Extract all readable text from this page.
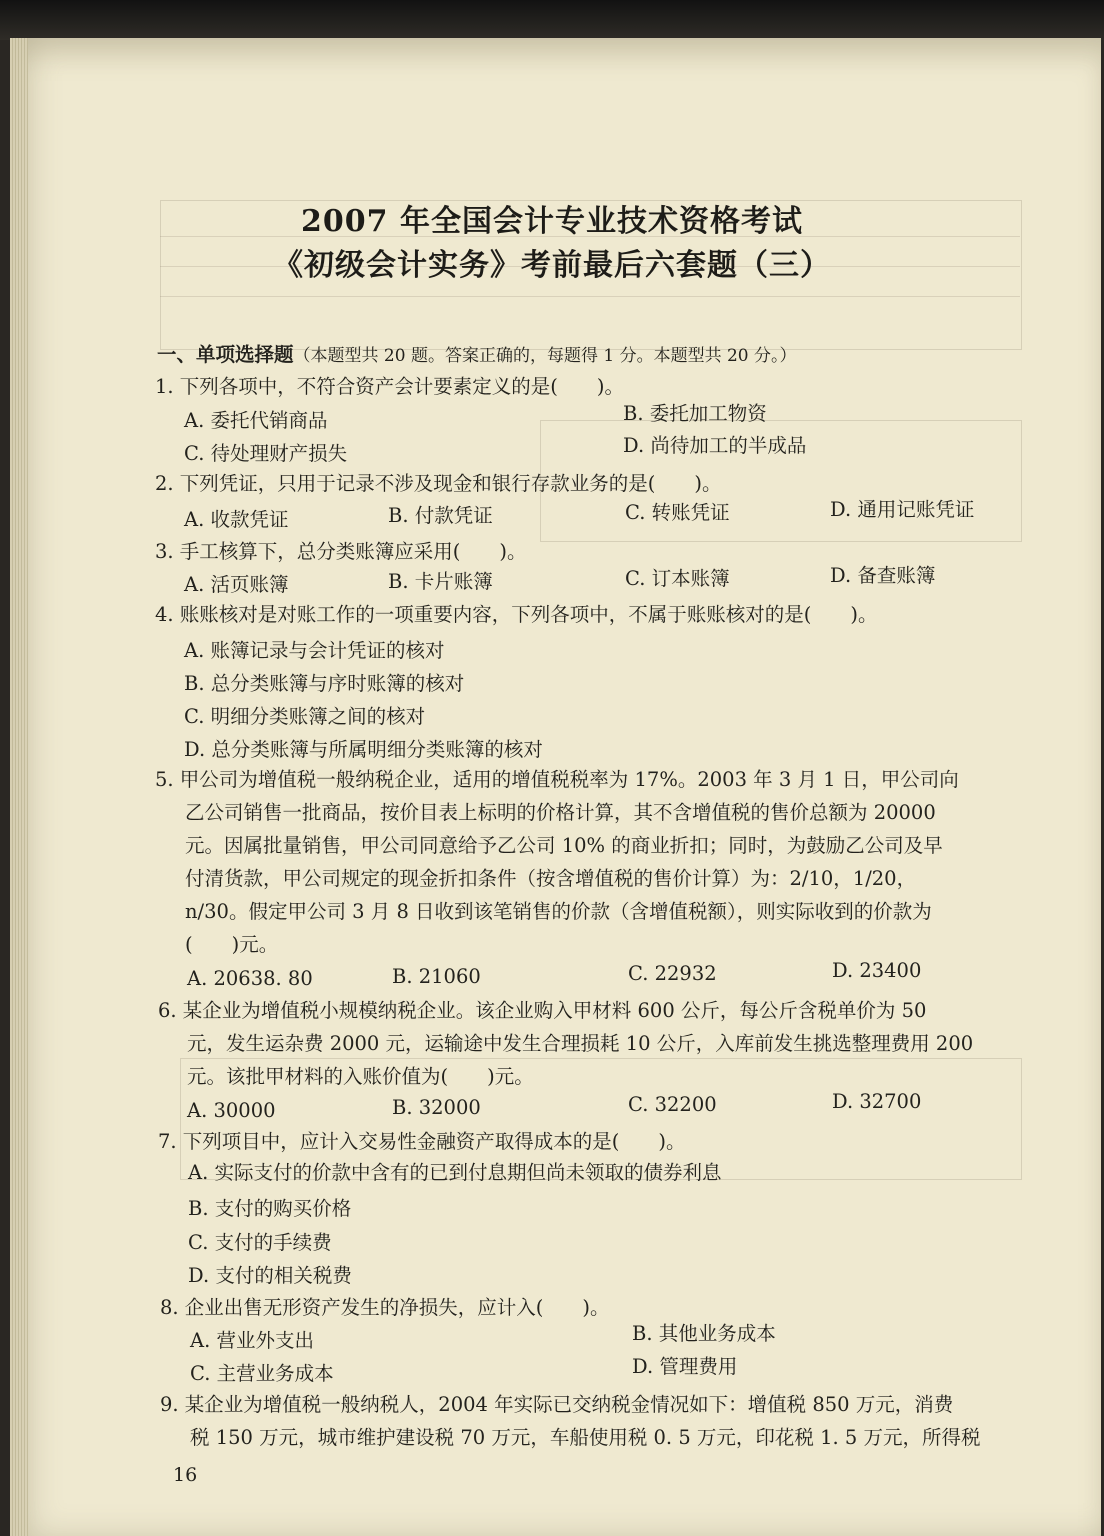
2007 年全国会计专业技术资格考试
《初级会计实务》考前最后六套题（三）
一、单项选择题（本题型共 20 题。答案正确的，每题得 1 分。本题型共 20 分。）
1. 下列各项中，不符合资产会计要素定义的是(　　)。
A. 委托代销商品	B. 委托加工物资
C. 待处理财产损失	D. 尚待加工的半成品
2. 下列凭证，只用于记录不涉及现金和银行存款业务的是(　　)。
A. 收款凭证	B. 付款凭证	C. 转账凭证	D. 通用记账凭证
3. 手工核算下，总分类账簿应采用(　　)。
A. 活页账簿	B. 卡片账簿	C. 订本账簿	D. 备查账簿
4. 账账核对是对账工作的一项重要内容，下列各项中，不属于账账核对的是(　　)。
A. 账簿记录与会计凭证的核对
B. 总分类账簿与序时账簿的核对
C. 明细分类账簿之间的核对
D. 总分类账簿与所属明细分类账簿的核对
5. 甲公司为增值税一般纳税企业，适用的增值税税率为 17%。2003 年 3 月 1 日，甲公司向
乙公司销售一批商品，按价目表上标明的价格计算，其不含增值税的售价总额为 20000
元。因属批量销售，甲公司同意给予乙公司 10% 的商业折扣；同时，为鼓励乙公司及早
付清货款，甲公司规定的现金折扣条件（按含增值税的售价计算）为：2/10，1/20，
n/30。假定甲公司 3 月 8 日收到该笔销售的价款（含增值税额），则实际收到的价款为
(　　)元。
A. 20638. 80	B. 21060	C. 22932	D. 23400
6. 某企业为增值税小规模纳税企业。该企业购入甲材料 600 公斤，每公斤含税单价为 50
元，发生运杂费 2000 元，运输途中发生合理损耗 10 公斤，入库前发生挑选整理费用 200
元。该批甲材料的入账价值为(　　)元。
A. 30000	B. 32000	C. 32200	D. 32700
7. 下列项目中，应计入交易性金融资产取得成本的是(　　)。
A. 实际支付的价款中含有的已到付息期但尚未领取的债券利息
B. 支付的购买价格
C. 支付的手续费
D. 支付的相关税费
8. 企业出售无形资产发生的净损失，应计入(　　)。
A. 营业外支出	B. 其他业务成本
C. 主营业务成本	D. 管理费用
9. 某企业为增值税一般纳税人，2004 年实际已交纳税金情况如下：增值税 850 万元，消费
税 150 万元，城市维护建设税 70 万元，车船使用税 0. 5 万元，印花税 1. 5 万元，所得税
16
